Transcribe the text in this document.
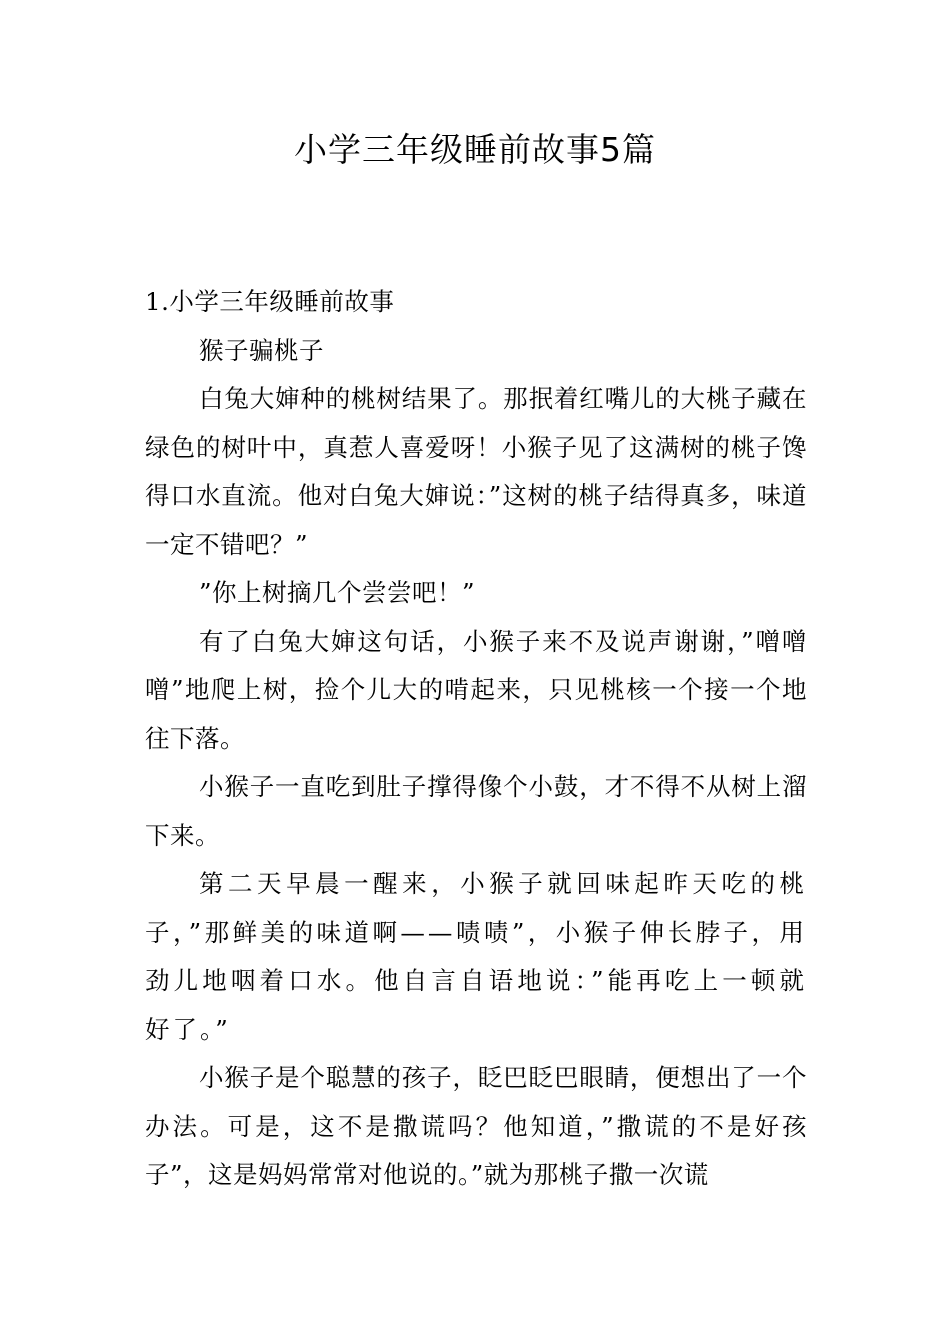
小学三年级睡前故事5篇

1.小学三年级睡前故事

猴子骗桃子

白兔大婶种的桃树结果了。那抿着红嘴儿的大桃子藏在绿色的树叶中，真惹人喜爱呀！小猴子见了这满树的桃子馋得口水直流。他对白兔大婶说：”这树的桃子结得真多，味道一定不错吧？”

”你上树摘几个尝尝吧！”

有了白兔大婶这句话，小猴子来不及说声谢谢，”噌噌噌”地爬上树，捡个儿大的啃起来，只见桃核一个接一个地往下落。

小猴子一直吃到肚子撑得像个小鼓，才不得不从树上溜下来。

第二天早晨一醒来，小猴子就回味起昨天吃的桃子，”那鲜美的味道啊——啧啧”，小猴子伸长脖子，用劲儿地咽着口水。他自言自语地说：”能再吃上一顿就好了。”

小猴子是个聪慧的孩子，眨巴眨巴眼睛，便想出了一个办法。可是，这不是撒谎吗？他知道，”撒谎的不是好孩子”，这是妈妈常常对他说的。”就为那桃子撒一次谎
